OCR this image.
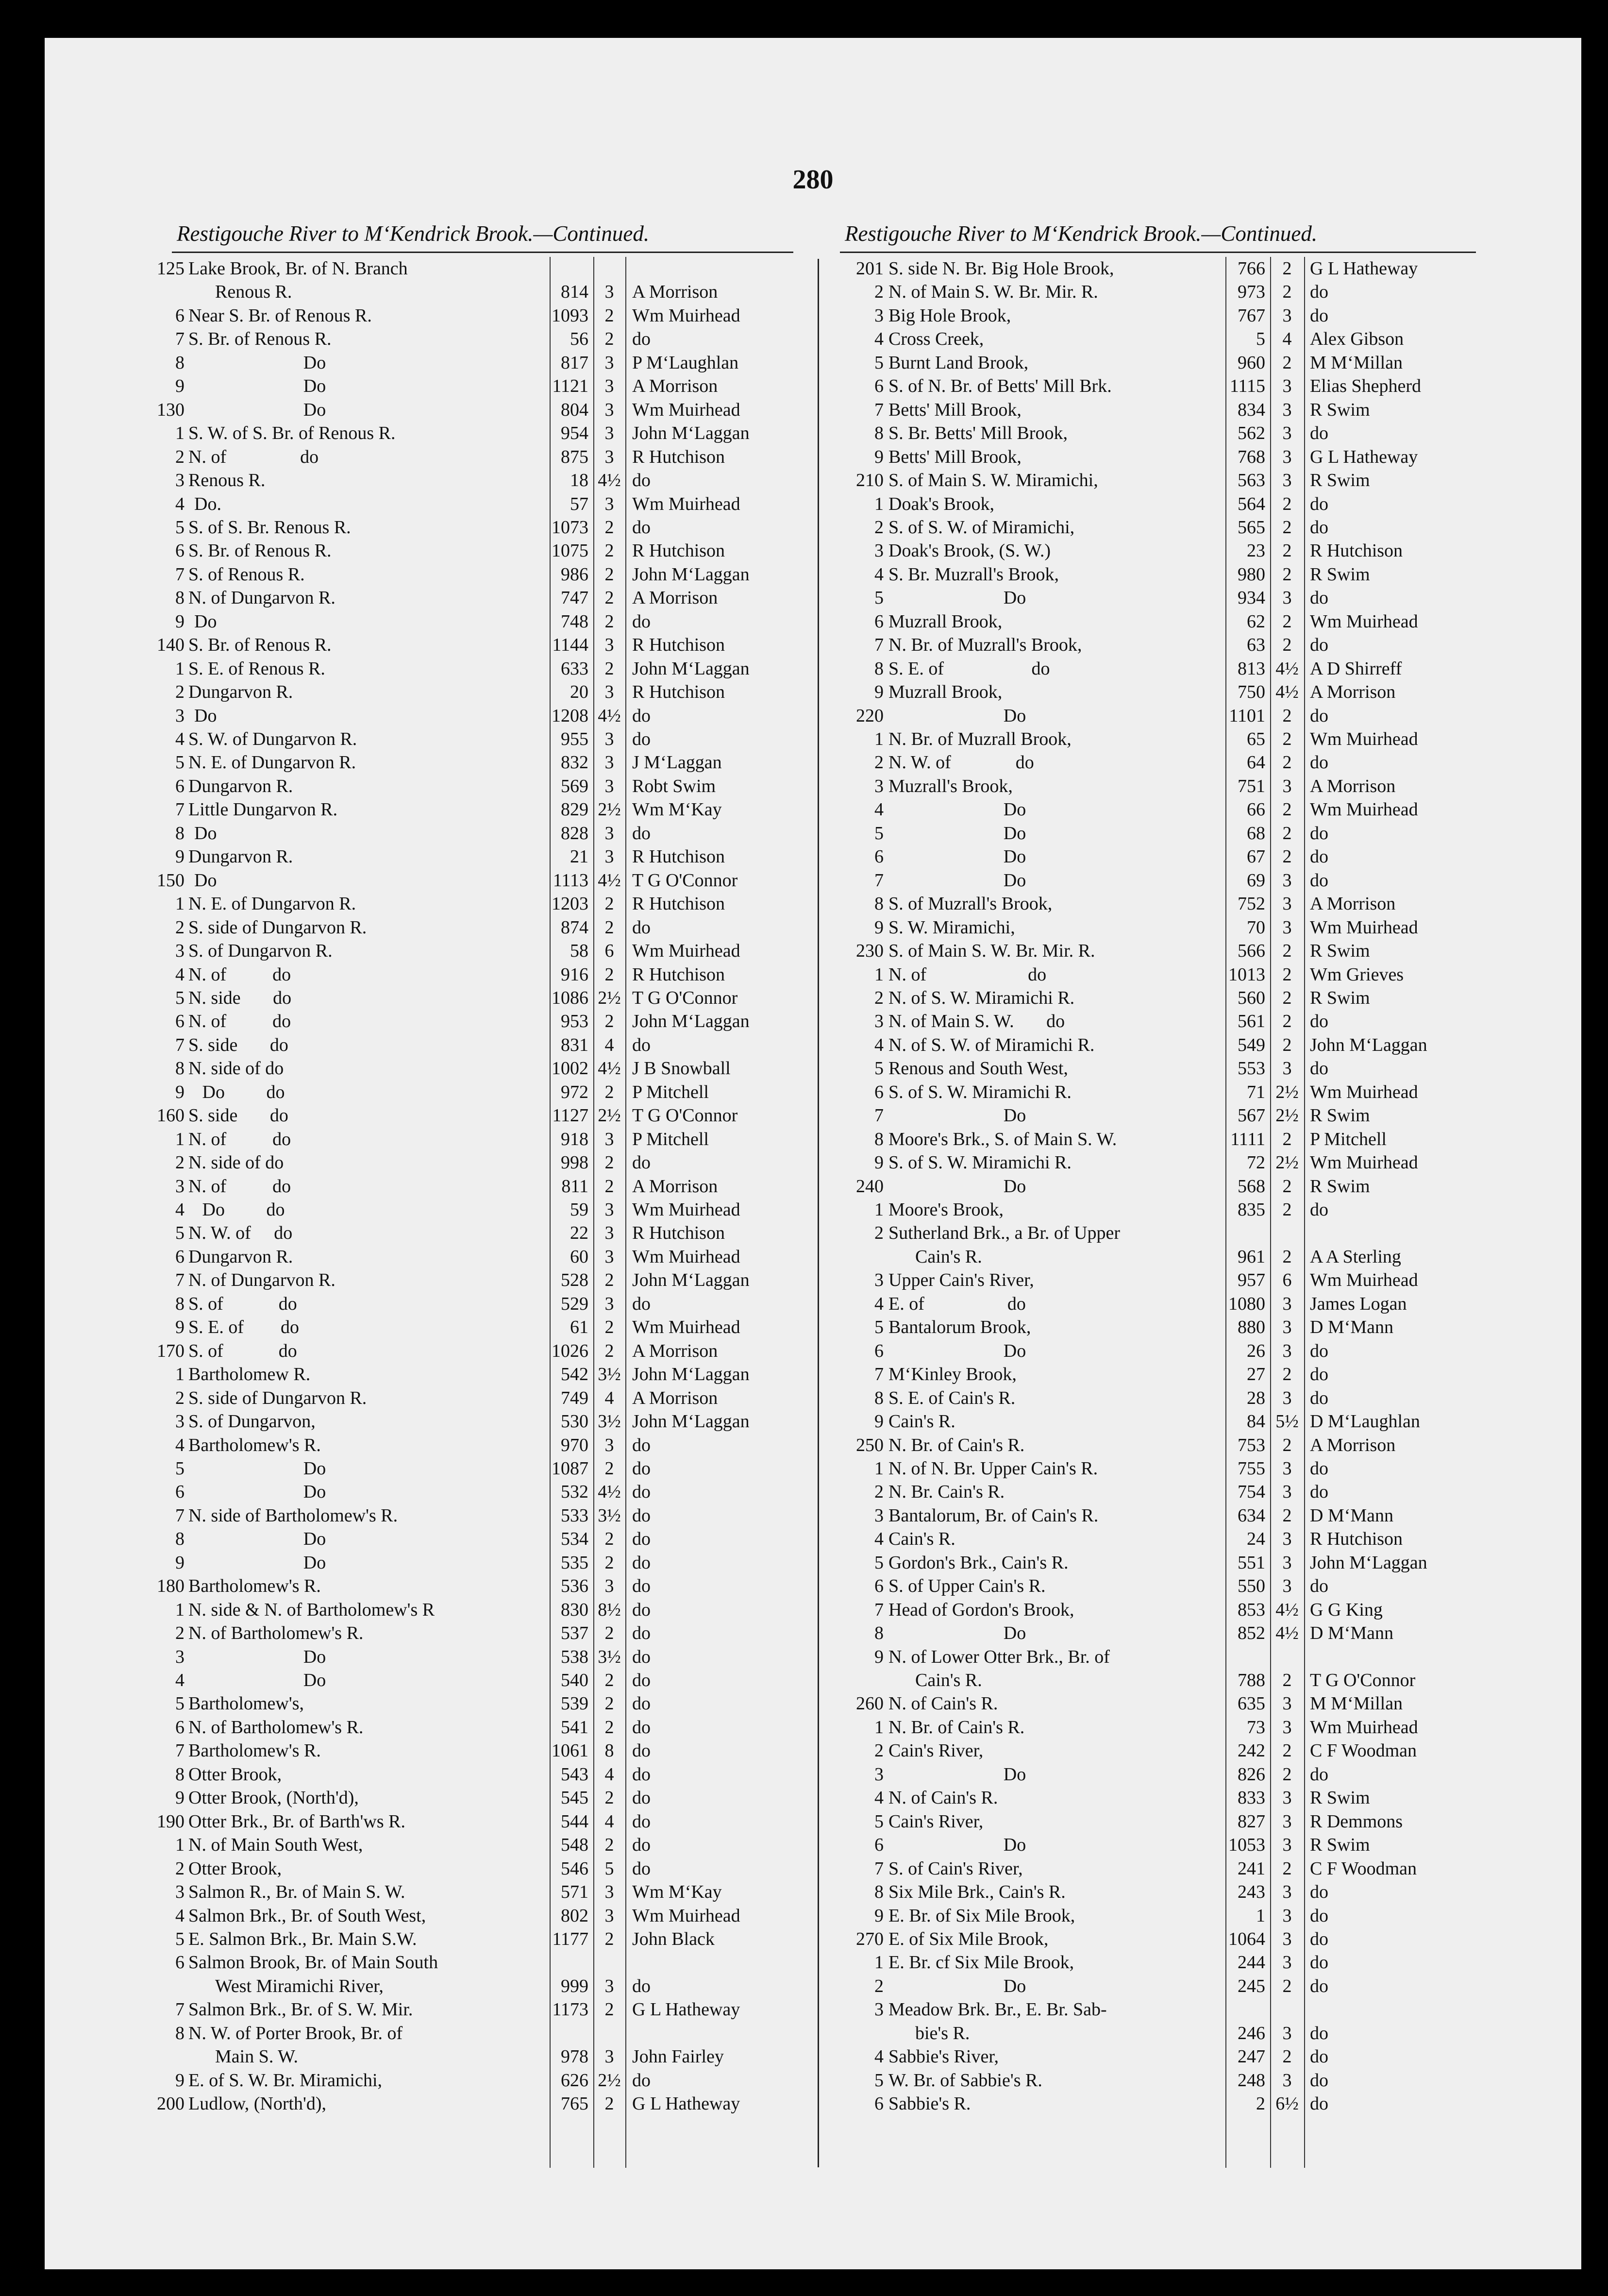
280
Restigouche River to M‘Kendrick Brook.—Continued.	Restigouche River to M‘Kendrick Brook.—Continued.
125 Lake Brook, Br. of N. Branch
Renous R.	814 3 A Morrison
6 Near S. Br. of Renous R.	1093 2 Wm Muirhead
7 S. Br. of Renous R.	56 2 do
8	Do	817 3 P M‘Laughlan
9	Do	1121 3 A Morrison
130	Do	804 3 Wm Muirhead
1 S. W. of S. Br. of Renous R.	954 3 John M‘Laggan
2 N. of                do	875 3 R Hutchison
3 Renous R.	18 4½ do
4 Do.	57 3 Wm Muirhead
5 S. of S. Br. Renous R.	1073 2 do
6 S. Br. of Renous R.	1075 2 R Hutchison
7 S. of Renous R.	986 2 John M‘Laggan
8 N. of Dungarvon R.	747 2 A Morrison
9 Do	748 2 do
140 S. Br. of Renous R.	1144 3 R Hutchison
1 S. E. of Renous R.	633 2 John M‘Laggan
2 Dungarvon R.	20 3 R Hutchison
3 Do	1208 4½ do
4 S. W. of Dungarvon R.	955 3 do
5 N. E. of Dungarvon R.	832 3 J M‘Laggan
6 Dungarvon R.	569 3 Robt Swim
7 Little Dungarvon R.	829 2½ Wm M‘Kay
8 Do	828 3 do
9 Dungarvon R.	21 3 R Hutchison
150 Do	1113 4½ T G O'Connor
1 N. E. of Dungarvon R.	1203 2 R Hutchison
2 S. side of Dungarvon R.	874 2 do
3 S. of Dungarvon R.	58 6 Wm Muirhead
4 N. of          do	916 2 R Hutchison
5 N. side       do	1086 2½ T G O'Connor
6 N. of          do	953 2 John M‘Laggan
7 S. side       do	831 4 do
8 N. side of do	1002 4½ J B Snowball
9 Do         do	972 2 P Mitchell
160 S. side       do	1127 2½ T G O'Connor
1 N. of          do	918 3 P Mitchell
2 N. side of do	998 2 do
3 N. of          do	811 2 A Morrison
4 Do         do	59 3 Wm Muirhead
5 N. W. of     do	22 3 R Hutchison
6 Dungarvon R.	60 3 Wm Muirhead
7 N. of Dungarvon R.	528 2 John M‘Laggan
8 S. of            do	529 3 do
9 S. E. of        do	61 2 Wm Muirhead
170 S. of            do	1026 2 A Morrison
1 Bartholomew R.	542 3½ John M‘Laggan
2 S. side of Dungarvon R.	749 4 A Morrison
3 S. of Dungarvon,	530 3½ John M‘Laggan
4 Bartholomew's R.	970 3 do
5	Do	1087 2 do
6	Do	532 4½ do
7 N. side of Bartholomew's R.	533 3½ do
8	Do	534 2 do
9	Do	535 2 do
180 Bartholomew's R.	536 3 do
1 N. side & N. of Bartholomew's R	830 8½ do
2 N. of Bartholomew's R.	537 2 do
3	Do	538 3½ do
4	Do	540 2 do
5 Bartholomew's,	539 2 do
6 N. of Bartholomew's R.	541 2 do
7 Bartholomew's R.	1061 8 do
8 Otter Brook,	543 4 do
9 Otter Brook, (North'd),	545 2 do
190 Otter Brk., Br. of Barth'ws R.	544 4 do
1 N. of Main South West,	548 2 do
2 Otter Brook,	546 5 do
3 Salmon R., Br. of Main S. W.	571 3 Wm M‘Kay
4 Salmon Brk., Br. of South West,	802 3 Wm Muirhead
5 E. Salmon Brk., Br. Main S.W.	1177 2 John Black
6 Salmon Brook, Br. of Main South
West Miramichi River,	999 3 do
7 Salmon Brk., Br. of S. W. Mir.	1173 2 G L Hatheway
8 N. W. of Porter Brook, Br. of
Main S. W.	978 3 John Fairley
9 E. of S. W. Br. Miramichi,	626 2½ do
200 Ludlow, (North'd),	765 2 G L Hatheway
201 S. side N. Br. Big Hole Brook,	766 2 G L Hatheway
2 N. of Main S. W. Br. Mir. R.	973 2 do
3 Big Hole Brook,	767 3 do
4 Cross Creek,	5 4 Alex Gibson
5 Burnt Land Brook,	960 2 M M‘Millan
6 S. of N. Br. of Betts' Mill Brk.	1115 3 Elias Shepherd
7 Betts' Mill Brook,	834 3 R Swim
8 S. Br. Betts' Mill Brook,	562 3 do
9 Betts' Mill Brook,	768 3 G L Hatheway
210 S. of Main S. W. Miramichi,	563 3 R Swim
1 Doak's Brook,	564 2 do
2 S. of S. W. of Miramichi,	565 2 do
3 Doak's Brook, (S. W.)	23 2 R Hutchison
4 S. Br. Muzrall's Brook,	980 2 R Swim
5	Do	934 3 do
6 Muzrall Brook,	62 2 Wm Muirhead
7 N. Br. of Muzrall's Brook,	63 2 do
8 S. E. of                   do	813 4½ A D Shirreff
9 Muzrall Brook,	750 4½ A Morrison
220	Do	1101 2 do
1 N. Br. of Muzrall Brook,	65 2 Wm Muirhead
2 N. W. of              do	64 2 do
3 Muzrall's Brook,	751 3 A Morrison
4	Do	66 2 Wm Muirhead
5	Do	68 2 do
6	Do	67 2 do
7	Do	69 3 do
8 S. of Muzrall's Brook,	752 3 A Morrison
9 S. W. Miramichi,	70 3 Wm Muirhead
230 S. of Main S. W. Br. Mir. R.	566 2 R Swim
1 N. of                      do	1013 2 Wm Grieves
2 N. of S. W. Miramichi R.	560 2 R Swim
3 N. of Main S. W.       do	561 2 do
4 N. of S. W. of Miramichi R.	549 2 John M‘Laggan
5 Renous and South West,	553 3 do
6 S. of S. W. Miramichi R.	71 2½ Wm Muirhead
7	Do	567 2½ R Swim
8 Moore's Brk., S. of Main S. W.	1111 2 P Mitchell
9 S. of S. W. Miramichi R.	72 2½ Wm Muirhead
240	Do	568 2 R Swim
1 Moore's Brook,	835 2 do
2 Sutherland Brk., a Br. of Upper
Cain's R.	961 2 A A Sterling
3 Upper Cain's River,	957 6 Wm Muirhead
4 E. of                  do	1080 3 James Logan
5 Bantalorum Brook,	880 3 D M‘Mann
6	Do	26 3 do
7 M‘Kinley Brook,	27 2 do
8 S. E. of Cain's R.	28 3 do
9 Cain's R.	84 5½ D M‘Laughlan
250 N. Br. of Cain's R.	753 2 A Morrison
1 N. of N. Br. Upper Cain's R.	755 3 do
2 N. Br. Cain's R.	754 3 do
3 Bantalorum, Br. of Cain's R.	634 2 D M‘Mann
4 Cain's R.	24 3 R Hutchison
5 Gordon's Brk., Cain's R.	551 3 John M‘Laggan
6 S. of Upper Cain's R.	550 3 do
7 Head of Gordon's Brook,	853 4½ G G King
8	Do	852 4½ D M‘Mann
9 N. of Lower Otter Brk., Br. of
Cain's R.	788 2 T G O'Connor
260 N. of Cain's R.	635 3 M M‘Millan
1 N. Br. of Cain's R.	73 3 Wm Muirhead
2 Cain's River,	242 2 C F Woodman
3	Do	826 2 do
4 N. of Cain's R.	833 3 R Swim
5 Cain's River,	827 3 R Demmons
6	Do	1053 3 R Swim
7 S. of Cain's River,	241 2 C F Woodman
8 Six Mile Brk., Cain's R.	243 3 do
9 E. Br. of Six Mile Brook,	1 3 do
270 E. of Six Mile Brook,	1064 3 do
1 E. Br. cf Six Mile Brook,	244 3 do
2	Do	245 2 do
3 Meadow Brk. Br., E. Br. Sab-
bie's R.	246 3 do
4 Sabbie's River,	247 2 do
5 W. Br. of Sabbie's R.	248 3 do
6 Sabbie's R.	2 6½ do
